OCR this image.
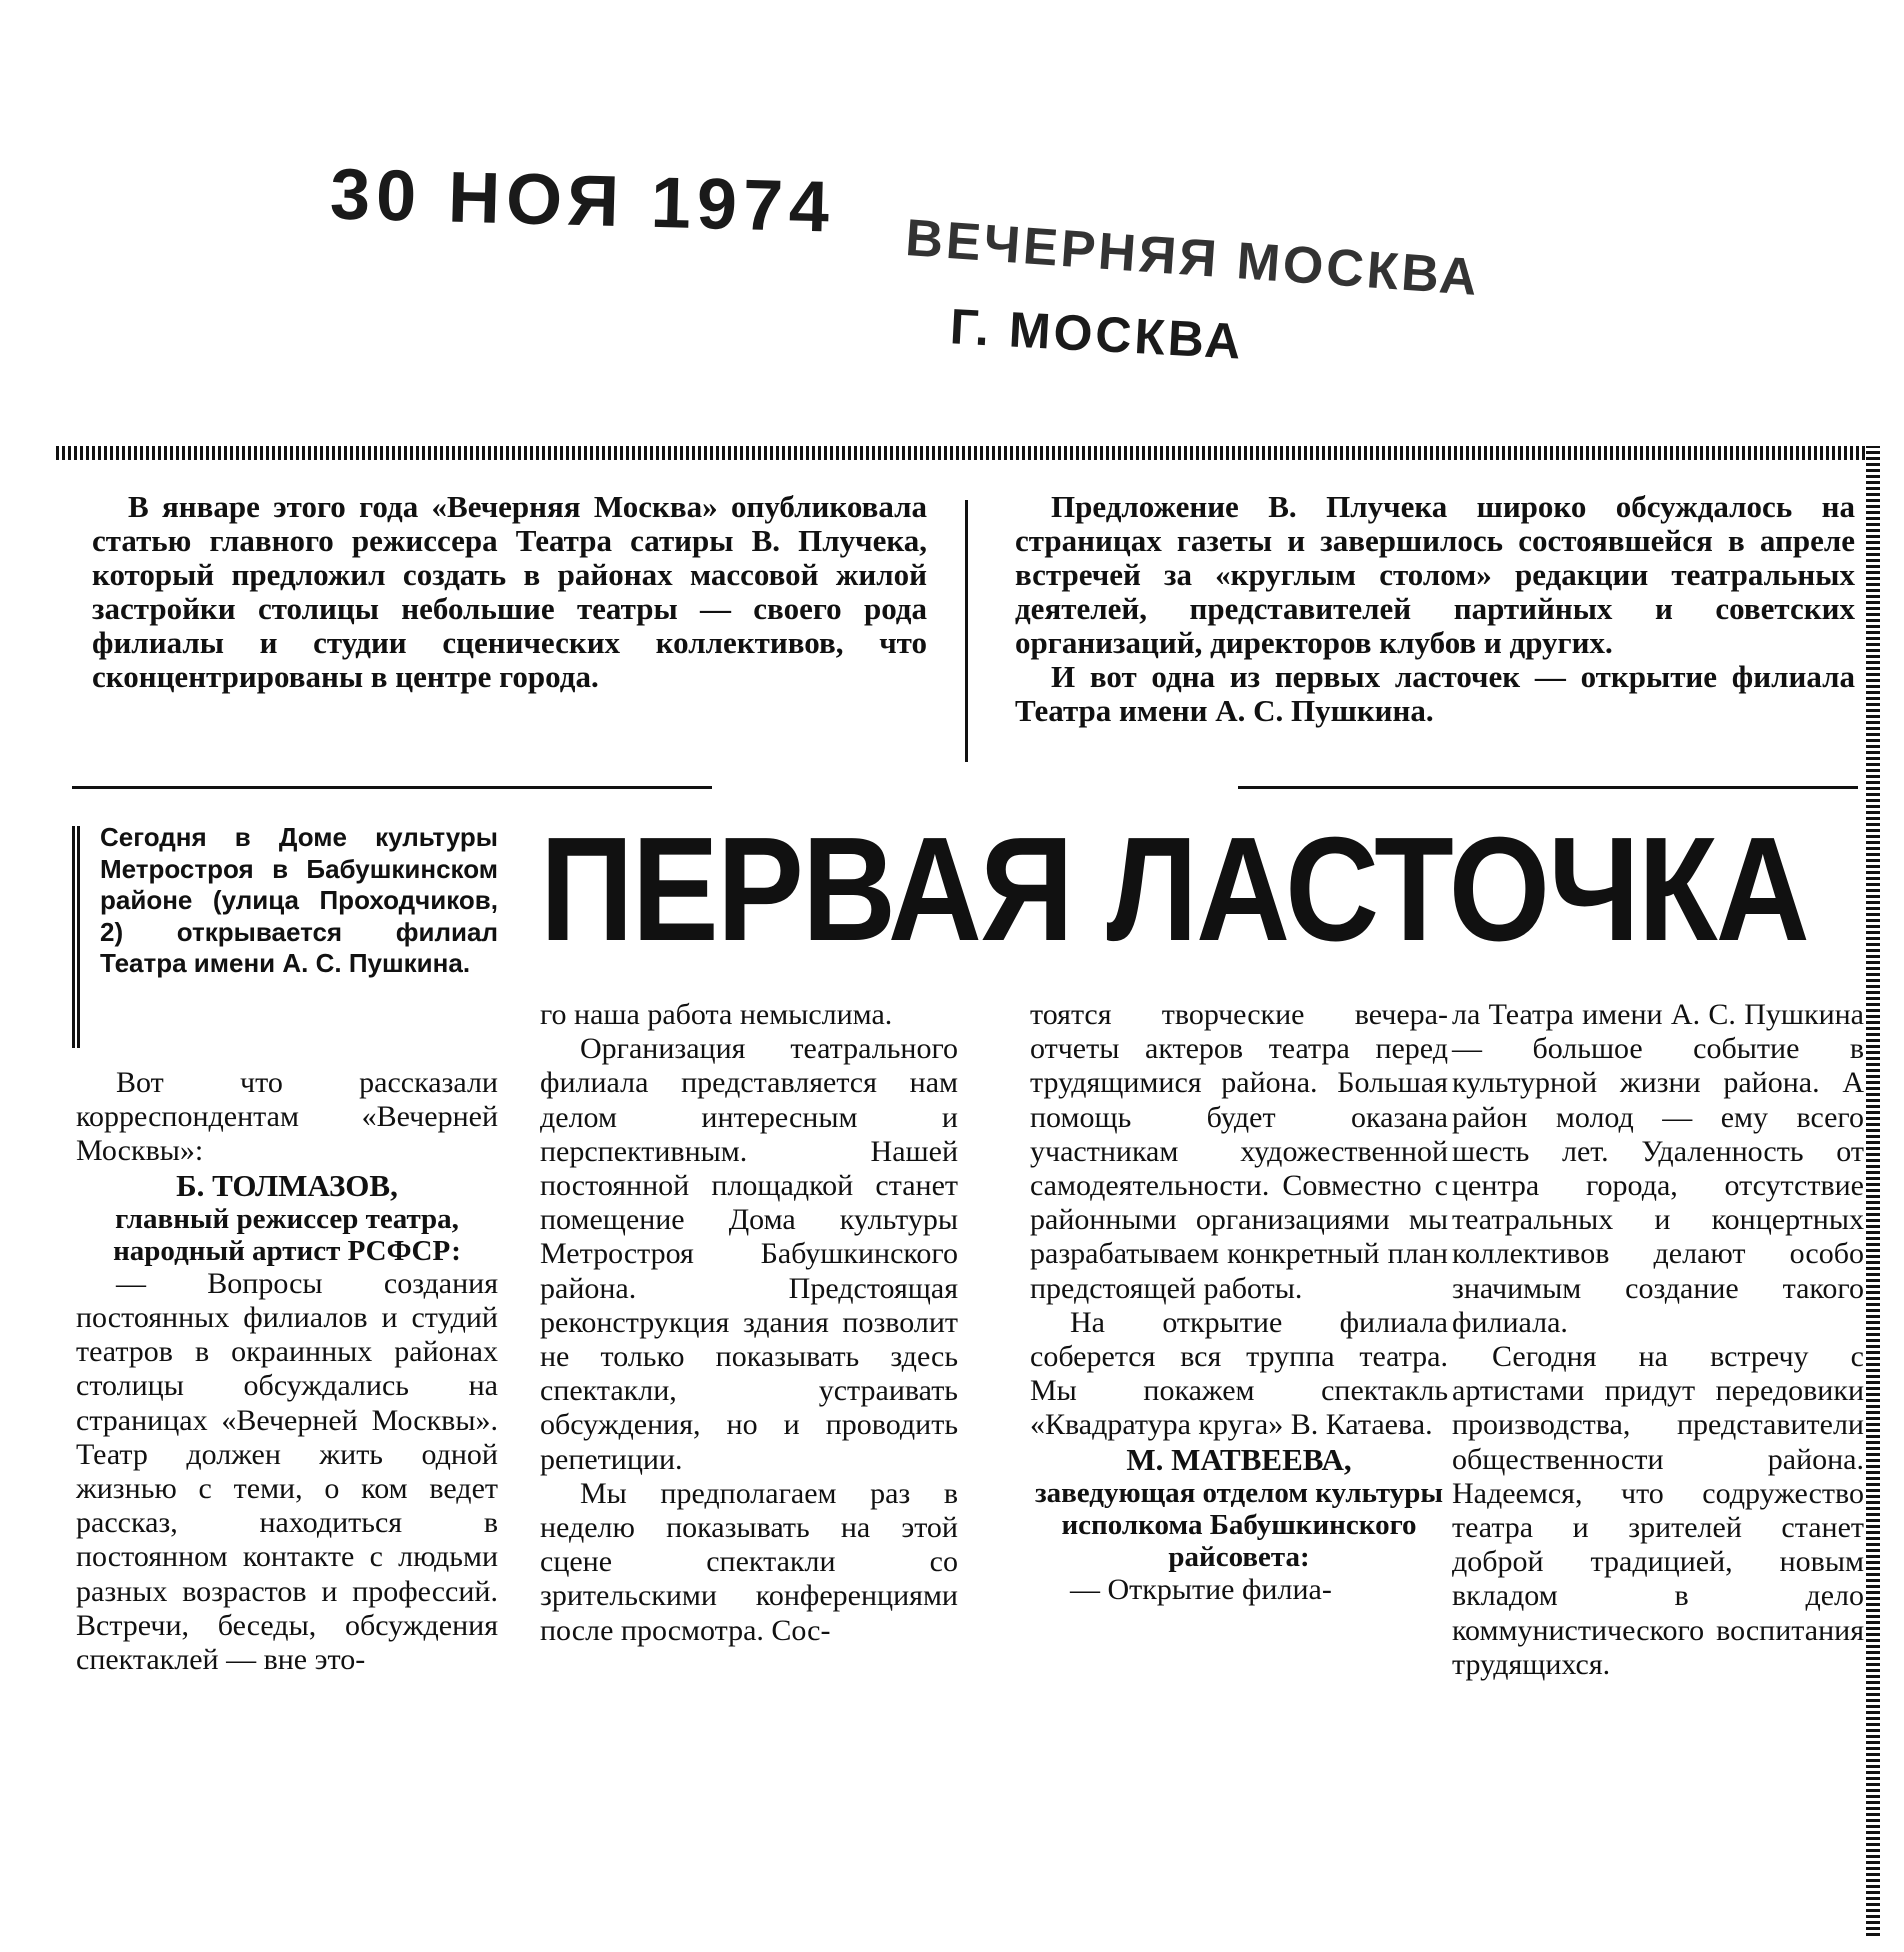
30 НОЯ 1974
ВЕЧЕРНЯЯ МОСКВА
Г. МОСКВА

В январе этого года «Вечерняя Москва» опубликовала статью главного режиссера Театра сатиры В. Плучека, который предложил создать в районах массовой жилой застройки столицы небольшие театры — своего рода филиалы и студии сценических коллективов, что сконцентрированы в центре города.

Предложение В. Плучека широко обсуждалось на страницах газеты и завершилось состоявшейся в апреле встречей за «круглым столом» редакции театральных деятелей, представителей партийных и советских организаций, директоров клубов и других.

И вот одна из первых ласточек — открытие филиала Театра имени А. С. Пушкина.

Сегодня в Доме культуры Метростроя в Бабушкинском районе (улица Проходчиков, 2) открывается филиал Театра имени А. С. Пушкина. ПЕРВАЯ ЛАСТОЧКА

Вот что рассказали корреспондентам «Вечерней Москвы»:

Б. ТОЛМАЗОВ,

главный режиссер театра, народный артист РСФСР:

— Вопросы создания постоянных филиалов и студий театров в окраинных районах столицы обсуждались на страницах «Вечерней Москвы». Театр должен жить одной жизнью с теми, о ком ведет рассказ, находиться в постоянном контакте с людьми разных возрастов и профессий. Встречи, беседы, обсуждения спектаклей — вне это-

го наша работа немыслима.

Организация театрального филиала представляется нам делом интересным и перспективным. Нашей постоянной площадкой станет помещение Дома культуры Метростроя Бабушкинского района. Предстоящая реконструкция здания позволит не только показывать здесь спектакли, устраивать обсуждения, но и проводить репетиции.

Мы предполагаем раз в неделю показывать на этой сцене спектакли со зрительскими конференциями после просмотра. Сос-

тоятся творческие вечера-отчеты актеров театра перед трудящимися района. Большая помощь будет оказана участникам художественной самодеятельности. Совместно с районными организациями мы разрабатываем конкретный план предстоящей работы.

На открытие филиала соберется вся труппа театра. Мы покажем спектакль «Квадратура круга» В. Катаева.

М. МАТВЕЕВА,

заведующая отделом культуры исполкома Бабушкинского райсовета:

— Открытие филиа-

ла Театра имени А. С. Пушкина — большое событие в культурной жизни района. А район молод — ему всего шесть лет. Удаленность от центра города, отсутствие театральных и концертных коллективов делают особо значимым создание такого филиала.

Сегодня на встречу с артистами придут передовики производства, представители общественности района. Надеемся, что содружество театра и зрителей станет доброй традицией, новым вкладом в дело коммунистического воспитания трудящихся.
